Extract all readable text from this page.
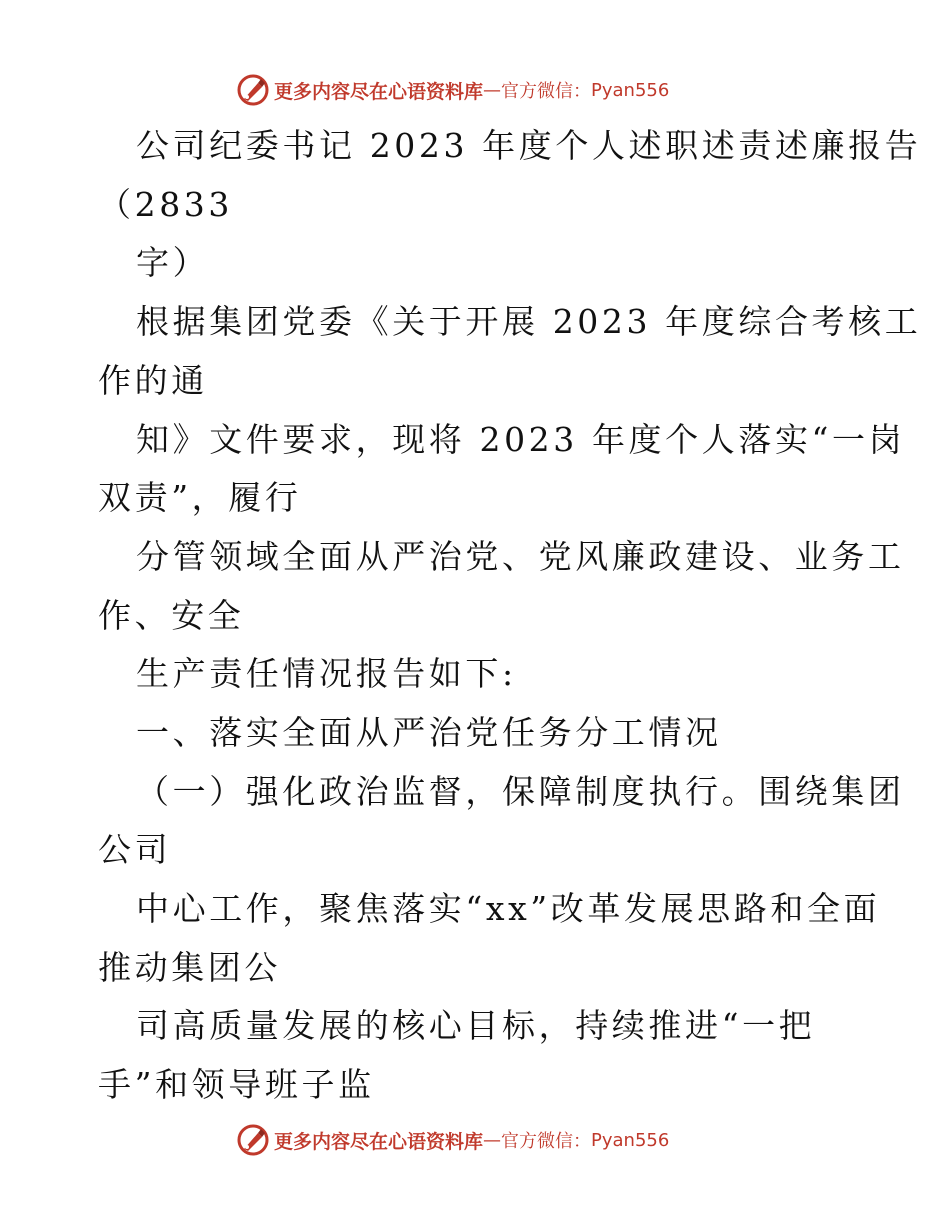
更多内容尽在心语资料库 — 官方微信： Pyan556
公司纪委书记 2023 年度个人述职述责述廉报告
（2833
字）
根据集团党委《关于开展 2023 年度综合考核工
作的通
知》文件要求，现将 2023 年度个人落实“一岗
双责”，履行
分管领域全面从严治党、党风廉政建设、业务工
作、安全
生产责任情况报告如下:
一、落实全面从严治党任务分工情况
（一）强化政治监督，保障制度执行。围绕集团
公司
中心工作，聚焦落实“xx”改革发展思路和全面
推动集团公
司高质量发展的核心目标，持续推进“一把
手”和领导班子监
更多内容尽在心语资料库 — 官方微信： Pyan556
